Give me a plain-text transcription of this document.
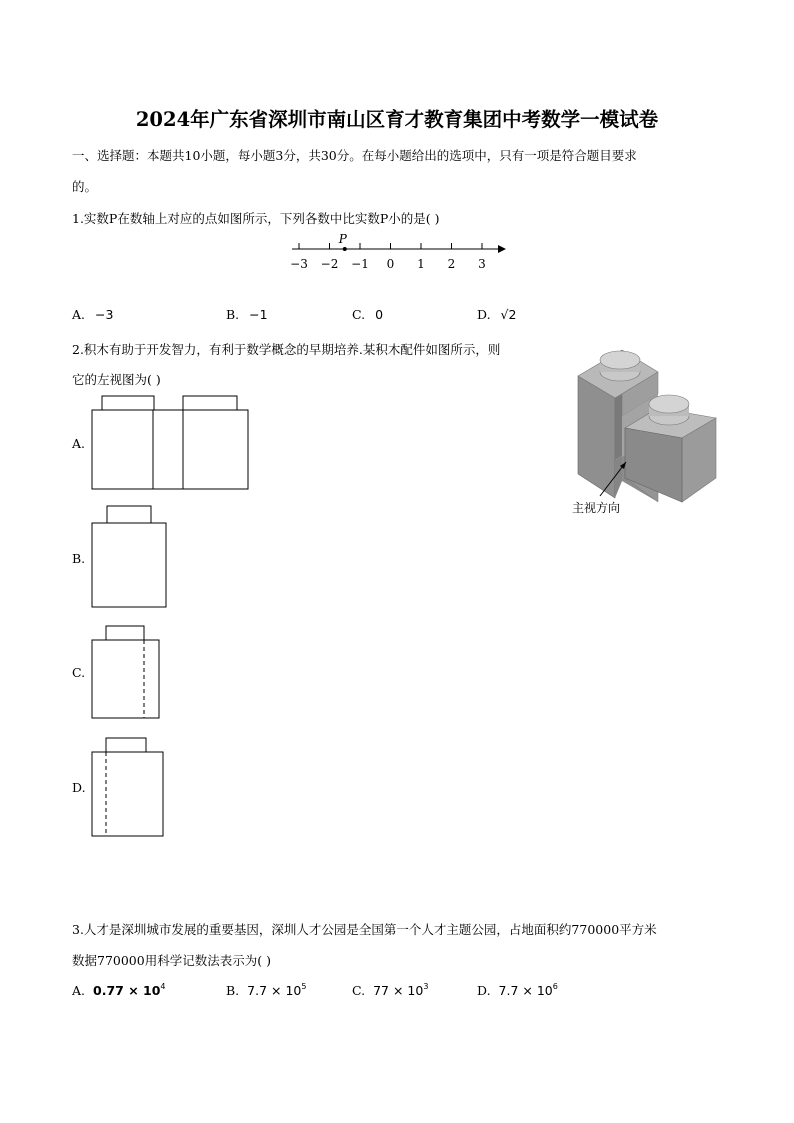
2024年广东省深圳市南山区育才教育集团中考数学一模试卷
一、选择题：本题共10小题，每小题3分，共30分。在每小题给出的选项中，只有一项是符合题目要求
的。
1.实数P在数轴上对应的点如图所示，下列各数中比实数P小的是( )
−3 −2 −1 0 1 2 3
P
A. −3	B. −1	C. 0	D. √2
2.积木有助于开发智力，有利于数学概念的早期培养.某积木配件如图所示，则
它的左视图为( )
主视方向
A.
B.
C.
D.
3.人才是深圳城市发展的重要基因，深圳人才公园是全国第一个人才主题公园，占地面积约770000平方米
数据770000用科学记数法表示为( )
A. $0.77 \times 10^4$	B. $7.7 \times 10^5$	C. $77 \times 10^3$	D. $7.7 \times 10^6$
